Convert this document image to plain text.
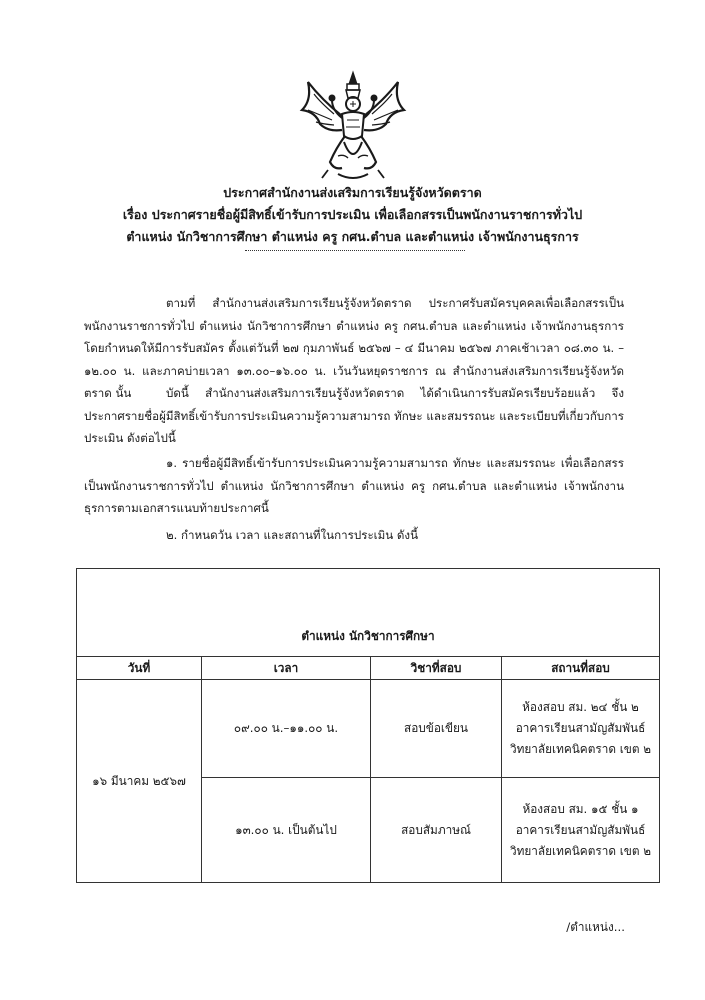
ประกาศสำนักงานส่งเสริมการเรียนรู้จังหวัดตราด
เรื่อง ประกาศรายชื่อผู้มีสิทธิ์เข้ารับการประเมิน เพื่อเลือกสรรเป็นพนักงานราชการทั่วไป
ตำแหน่ง นักวิชาการศึกษา ตำแหน่ง ครู กศน.ตำบล และตำแหน่ง เจ้าพนักงานธุรการ
ตามที่ สำนักงานส่งเสริมการเรียนรู้จังหวัดตราด ประกาศรับสมัครบุคคลเพื่อเลือกสรรเป็นพนักงานราชการทั่วไป ตำแหน่ง นักวิชาการศึกษา ตำแหน่ง ครู กศน.ตำบล และตำแหน่ง เจ้าพนักงานธุรการ โดยกำหนดให้มีการรับสมัคร ตั้งแต่วันที่ ๒๗ กุมภาพันธ์ ๒๕๖๗ – ๔ มีนาคม ๒๕๖๗ ภาคเช้าเวลา ๐๘.๓๐ น. –๑๒.๐๐ น. และภาคบ่ายเวลา ๑๓.๐๐–๑๖.๐๐ น. เว้นวันหยุดราชการ ณ สำนักงานส่งเสริมการเรียนรู้จังหวัดตราด นั้น	บัดนี้ สำนักงานส่งเสริมการเรียนรู้จังหวัดตราด ได้ดำเนินการรับสมัครเรียบร้อยแล้ว จึงประกาศรายชื่อผู้มีสิทธิ์เข้ารับการประเมินความรู้ความสามารถ ทักษะ และสมรรถนะ และระเบียบที่เกี่ยวกับการประเมิน ดังต่อไปนี้
๑. รายชื่อผู้มีสิทธิ์เข้ารับการประเมินความรู้ความสามารถ ทักษะ และสมรรถนะ เพื่อเลือกสรรเป็นพนักงานราชการทั่วไป ตำแหน่ง นักวิชาการศึกษา ตำแหน่ง ครู กศน.ตำบล และตำแหน่ง เจ้าพนักงานธุรการตามเอกสารแนบท้ายประกาศนี้
๒. กำหนดวัน เวลา และสถานที่ในการประเมิน ดังนี้
ตำแหน่ง นักวิชาการศึกษา			
วันที่	เวลา	วิชาที่สอบ	สถานที่สอบ
๑๖ มีนาคม ๒๕๖๗	๐๙.๐๐ น.–๑๑.๐๐ น.	สอบข้อเขียน	ห้องสอบ สม. ๒๔ ชั้น ๒
อาคารเรียนสามัญสัมพันธ์
วิทยาลัยเทคนิคตราด เขต ๒

	๑๓.๐๐ น. เป็นต้นไป	สอบสัมภาษณ์	ห้องสอบ สม. ๑๕ ชั้น ๑
อาคารเรียนสามัญสัมพันธ์
วิทยาลัยเทคนิคตราด เขต ๒
/ตำแหน่ง...
